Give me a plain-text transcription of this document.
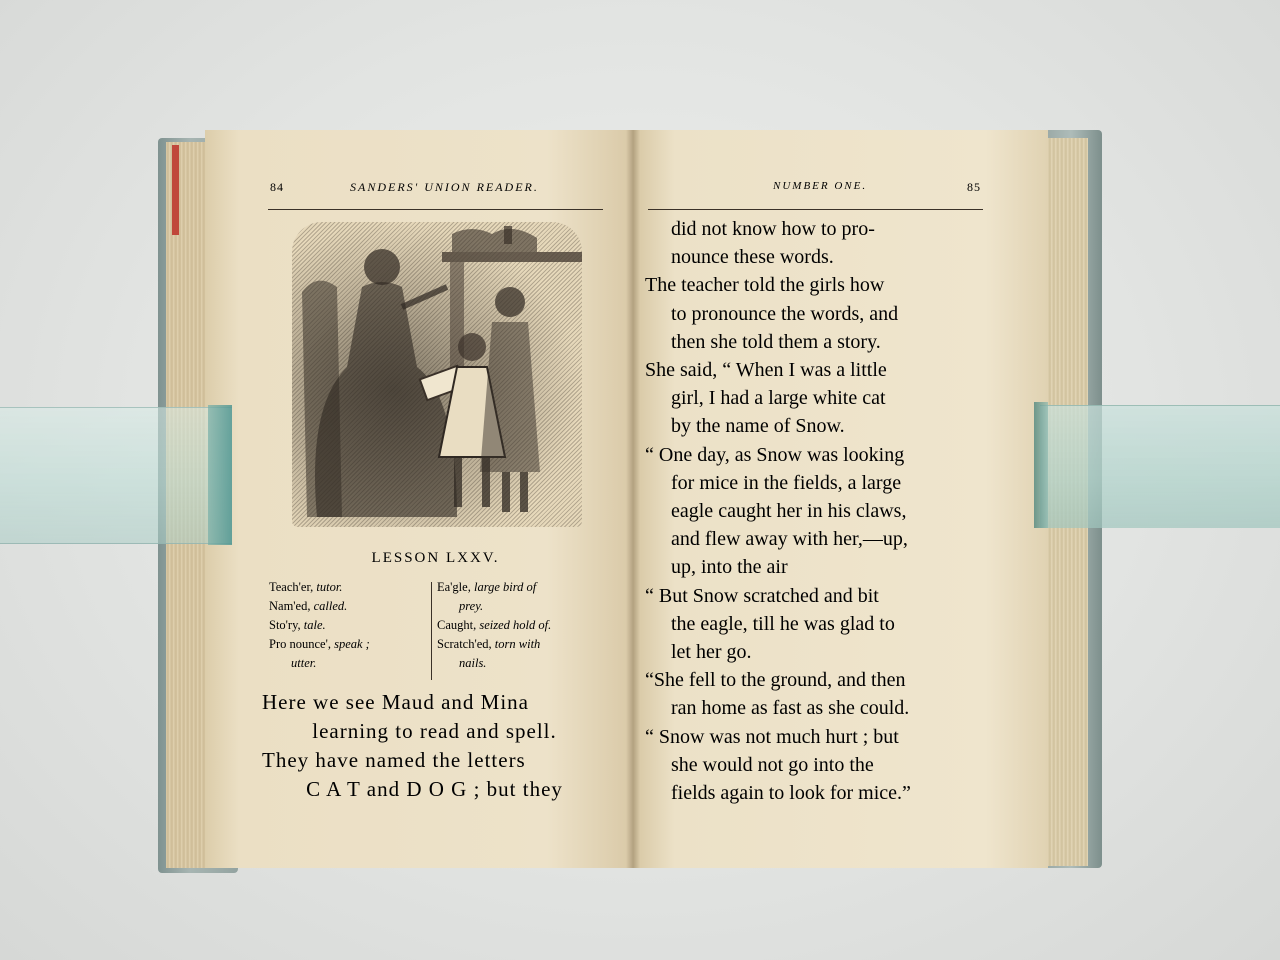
84	SANDERS' UNION READER.	NUMBER ONE.	85
LESSON LXXV.
Teach'er, tutor.
Nam'ed, called.
Sto'ry, tale.
Pro nounce', speak ;
utter.
Ea'gle, large bird of
prey.
Caught, seized hold of.
Scratch'ed, torn with
nails.
Here we see Maud and Mina
learning to read and spell.
They have named the letters
C A T and D O G ; but they
did not know how to pro-
nounce these words.
The teacher told the girls how
to pronounce the words, and
then she told them a story.
She said, “ When I was a little
girl, I had a large white cat
by the name of Snow.
“ One day, as Snow was looking
for mice in the fields, a large
eagle caught her in his claws,
and flew away with her,—up,
up, into the air
“ But Snow scratched and bit
the eagle, till he was glad to
let her go.
“She fell to the ground, and then
ran home as fast as she could.
“ Snow was not much hurt ; but
she would not go into the
fields again to look for mice.”
